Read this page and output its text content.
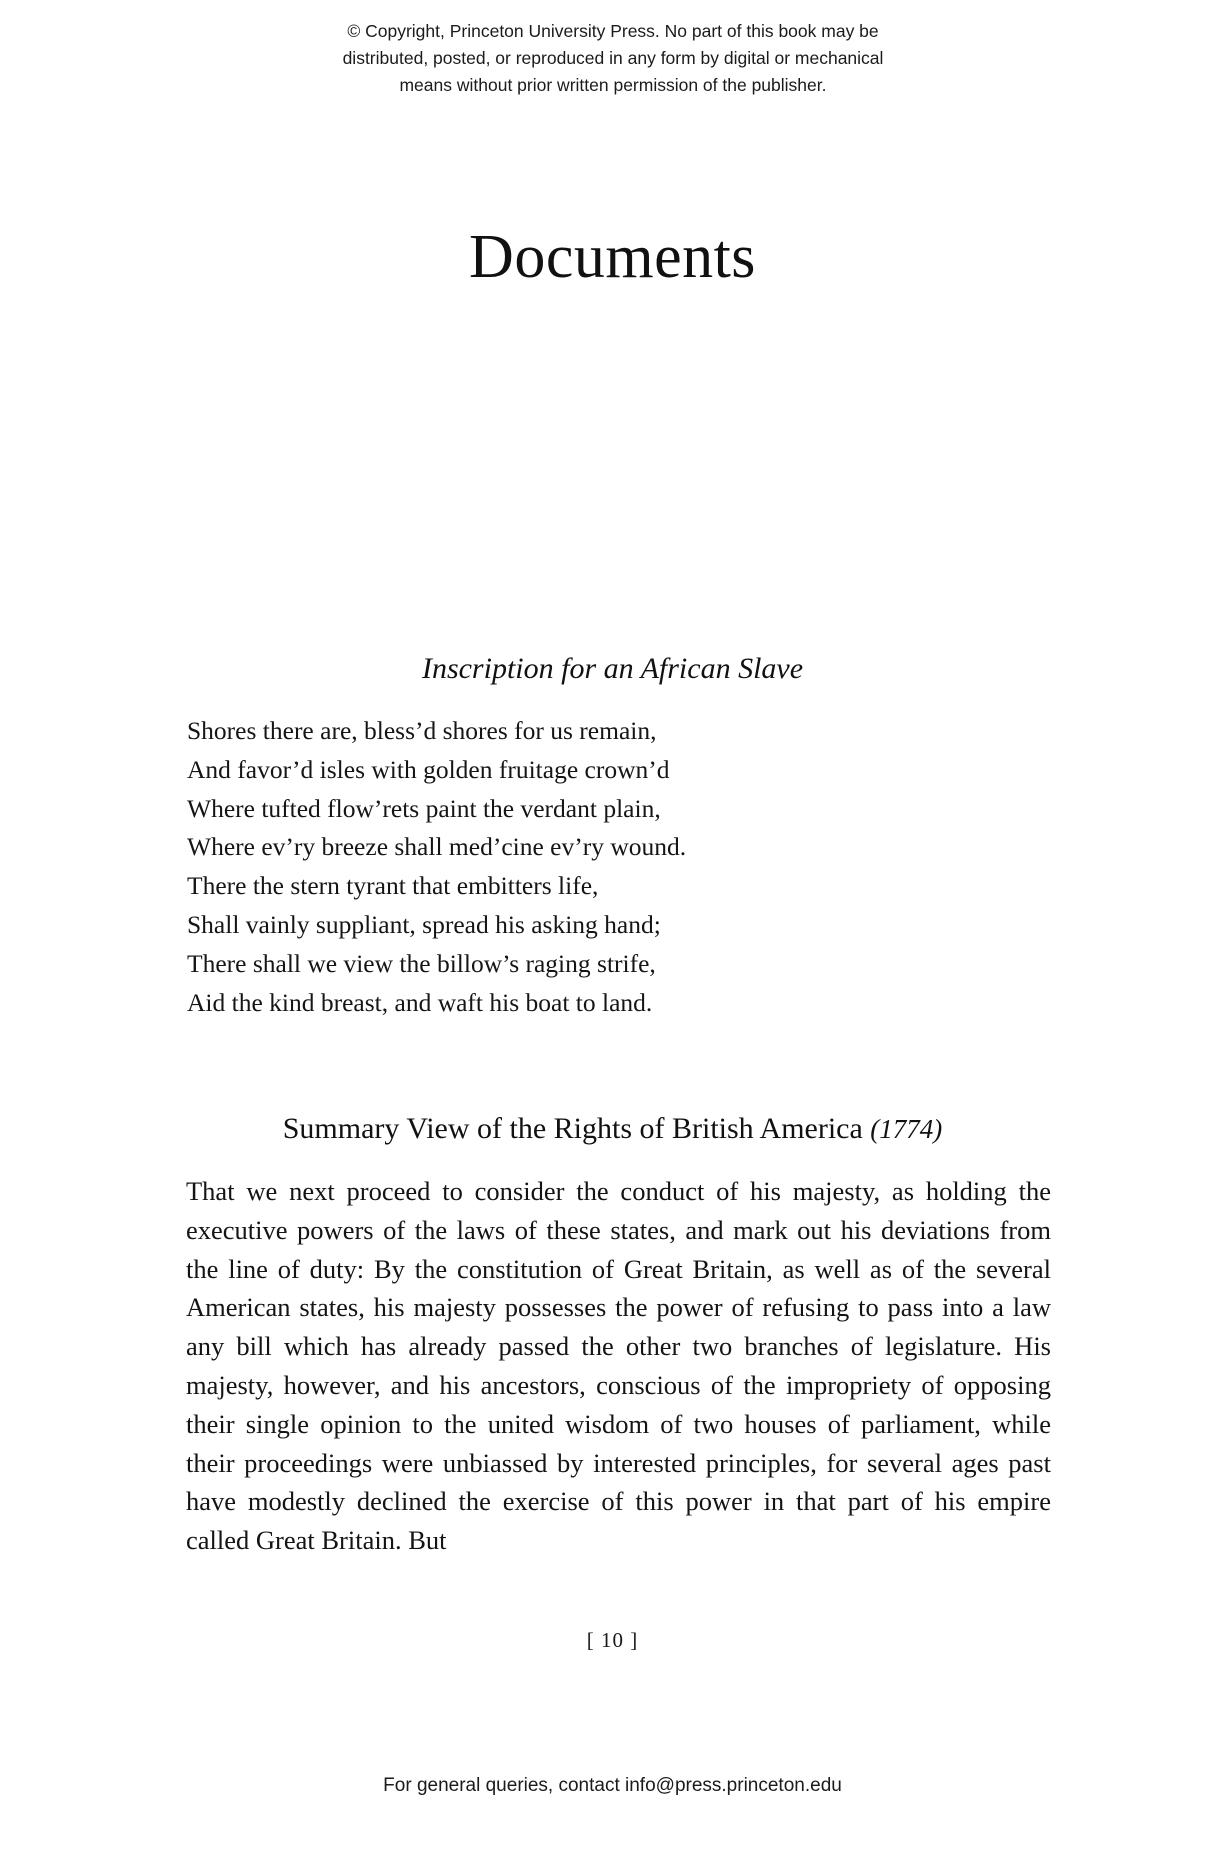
© Copyright, Princeton University Press. No part of this book may be
distributed, posted, or reproduced in any form by digital or mechanical
means without prior written permission of the publisher.
Documents
Inscription for an African Slave
Shores there are, bless’d shores for us remain,
And favor’d isles with golden fruitage crown’d
Where tufted flow’rets paint the verdant plain,
Where ev’ry breeze shall med’cine ev’ry wound.
There the stern tyrant that embitters life,
Shall vainly suppliant, spread his asking hand;
There shall we view the billow’s raging strife,
Aid the kind breast, and waft his boat to land.
Summary View of the Rights of British America (1774)
That we next proceed to consider the conduct of his majesty, as holding the executive powers of the laws of these states, and mark out his deviations from the line of duty: By the constitution of Great Britain, as well as of the several American states, his majesty possesses the power of refusing to pass into a law any bill which has already passed the other two branches of legislature. His majesty, however, and his ancestors, conscious of the impropriety of opposing their single opinion to the united wisdom of two houses of parliament, while their proceedings were unbiassed by interested principles, for several ages past have modestly declined the exercise of this power in that part of his empire called Great Britain. But
[ 10 ]
For general queries, contact info@press.princeton.edu
